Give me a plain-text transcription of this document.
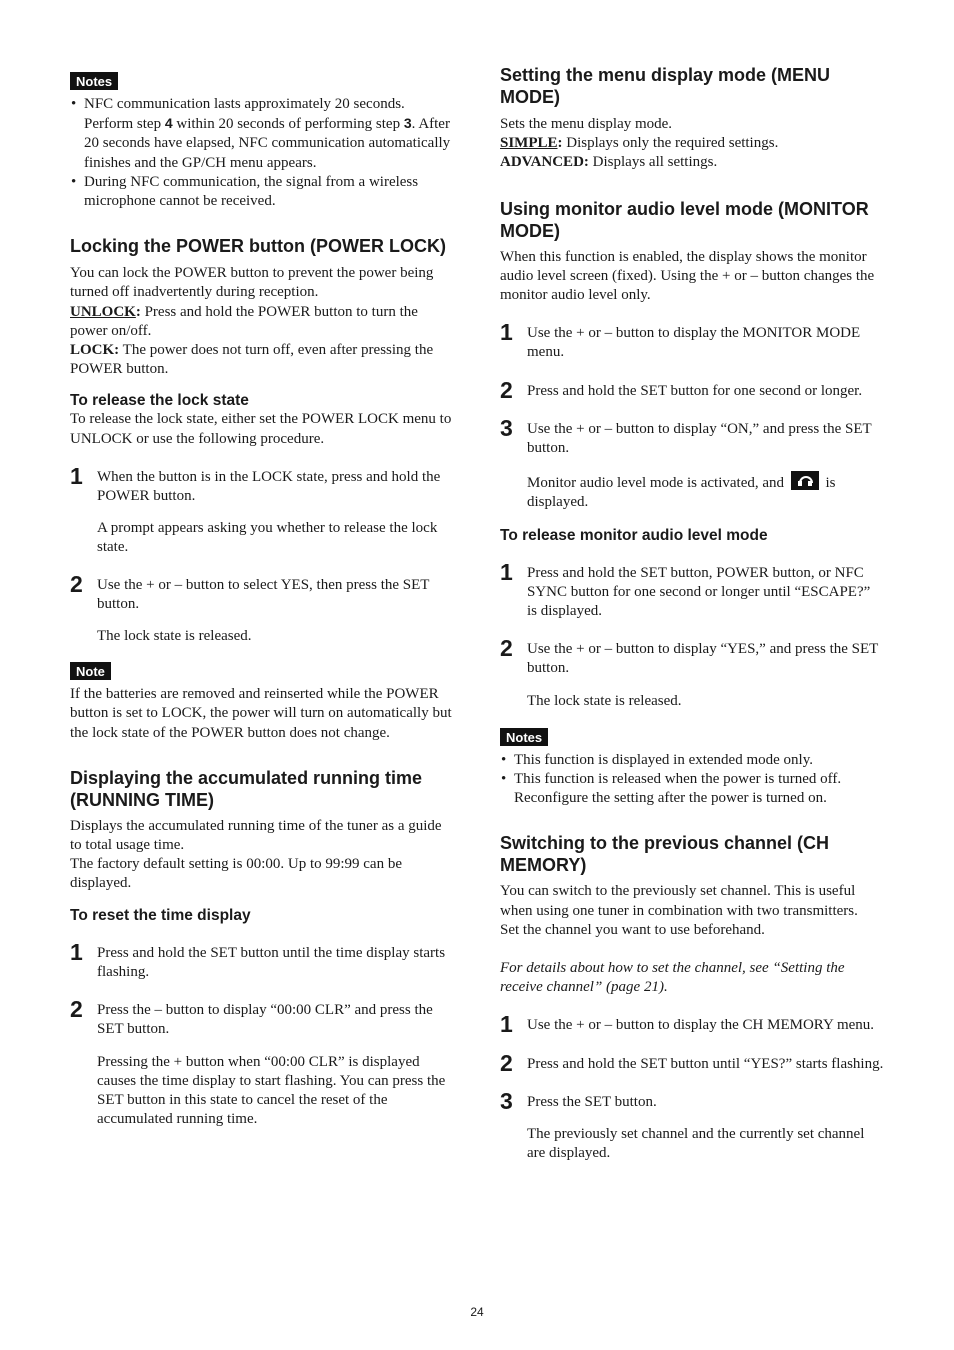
Notes
• NFC communication lasts approximately 20 seconds. Perform step 4 within 20 seconds of performing step 3. After 20 seconds have elapsed, NFC communication automatically finishes and the GP/CH menu appears.
• During NFC communication, the signal from a wireless microphone cannot be received.
Locking the POWER button (POWER LOCK)

You can lock the POWER button to prevent the power being turned off inadvertently during reception.

UNLOCK: Press and hold the POWER button to turn the power on/off.

LOCK: The power does not turn off, even after pressing the POWER button.

To release the lock state

To release the lock state, either set the POWER LOCK menu to UNLOCK or use the following procedure.

1 When the button is in the LOCK state, press and hold the POWER button.

A prompt appears asking you whether to release the lock state.

2 Use the + or – button to select YES, then press the SET button.

The lock state is released.

Note

If the batteries are removed and reinserted while the POWER button is set to LOCK, the power will turn on automatically but the lock state of the POWER button does not change.

Displaying the accumulated running time (RUNNING TIME)

Displays the accumulated running time of the tuner as a guide to total usage time.

The factory default setting is 00:00. Up to 99:99 can be displayed.

To reset the time display
1 Press and hold the SET button until the time display starts flashing.
2 Press the – button to display “00:00 CLR” and press the SET button.

Pressing the + button when “00:00 CLR” is displayed causes the time display to start flashing. You can press the SET button in this state to cancel the reset of the accumulated running time.

Setting the menu display mode (MENU MODE)

Sets the menu display mode.

SIMPLE: Displays only the required settings.

ADVANCED: Displays all settings.

Using monitor audio level mode (MONITOR MODE)

When this function is enabled, the display shows the monitor audio level screen (fixed). Using the + or – button changes the monitor audio level only.

1 Use the + or – button to display the MONITOR MODE menu.
2 Press and hold the SET button for one second or longer.
3 Use the + or – button to display “ON,” and press the SET button.

Monitor audio level mode is activated, and	is displayed.

To release monitor audio level mode
1 Press and hold the SET button, POWER button, or NFC SYNC button for one second or longer until “ESCAPE?” is displayed.
2 Use the + or – button to display “YES,” and press the SET button.

The lock state is released.

Notes
• This function is displayed in extended mode only.
• This function is released when the power is turned off. Reconfigure the setting after the power is turned on.
Switching to the previous channel (CH MEMORY)

You can switch to the previously set channel. This is useful when using one tuner in combination with two transmitters.

Set the channel you want to use beforehand.

For details about how to set the channel, see “Setting the receive channel” (page 21).

1 Use the + or – button to display the CH MEMORY menu.
2 Press and hold the SET button until “YES?” starts flashing.
3 Press the SET button.

The previously set channel and the currently set channel are displayed.

24
